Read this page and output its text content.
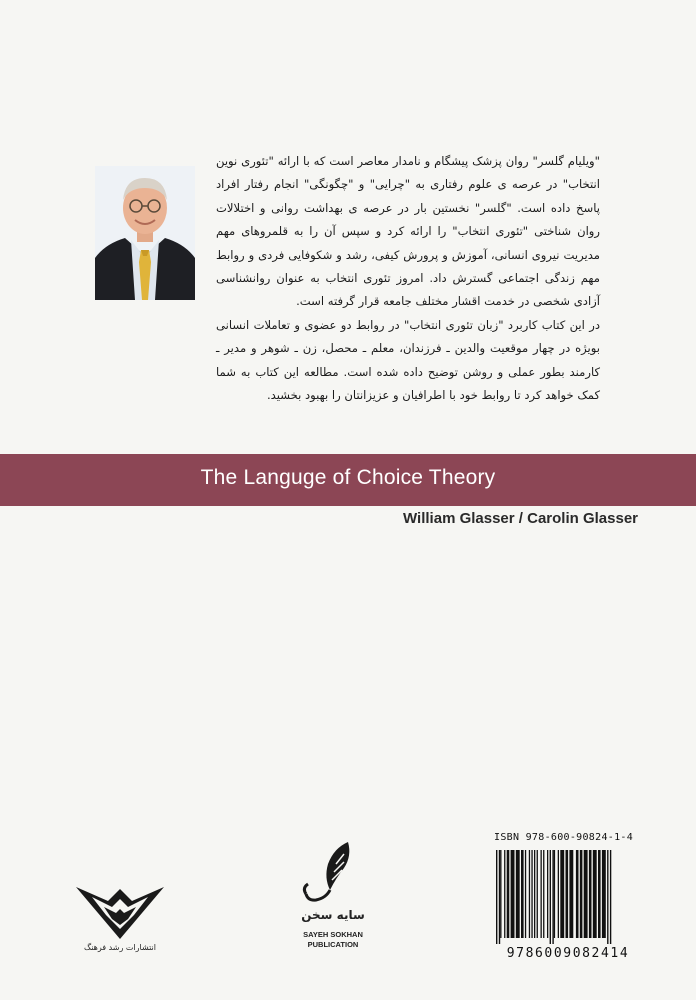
"ویلیام گلسر" روان پزشک پیشگام و نامدار معاصر است که با ارائه "تئوری نوین انتخاب" در عرصه ی علوم رفتاری به "چرایی" و "چگونگی" انجام رفتار افراد پاسخ داده است. "گلسر" نخستین بار در عرصه ی بهداشت روانی و اختلالات روان شناختی "تئوری انتخاب" را ارائه کرد و سپس آن را به قلمروهای مهم مدیریت نیروی انسانی، آموزش و پرورش کیفی، رشد و شکوفایی فردی و روابط مهم زندگی اجتماعی گسترش داد. امروز تئوری انتخاب به عنوان روانشناسی آزادی شخصی در خدمت اقشار مختلف جامعه قرار گرفته است.

در این کتاب کاربرد "زبان تئوری انتخاب" در روابط دو عضوی و تعاملات انسانی بویژه در چهار موقعیت والدین ـ فرزندان، معلم ـ محصل، زن ـ شوهر و مدیر ـ کارمند بطور عملی و روشن توضیح داده شده است. مطالعه این کتاب به شما کمک خواهد کرد تا روابط خود با اطرافیان و عزیزانتان را بهبود بخشید.

The Languge of Choice Theory
William Glasser / Carolin Glasser
انتشارات رشد فرهنگ
سایه سخن
SAYEH SOKHAN
PUBLICATION
ISBN 978-600-90824-1-4
9786009082414
